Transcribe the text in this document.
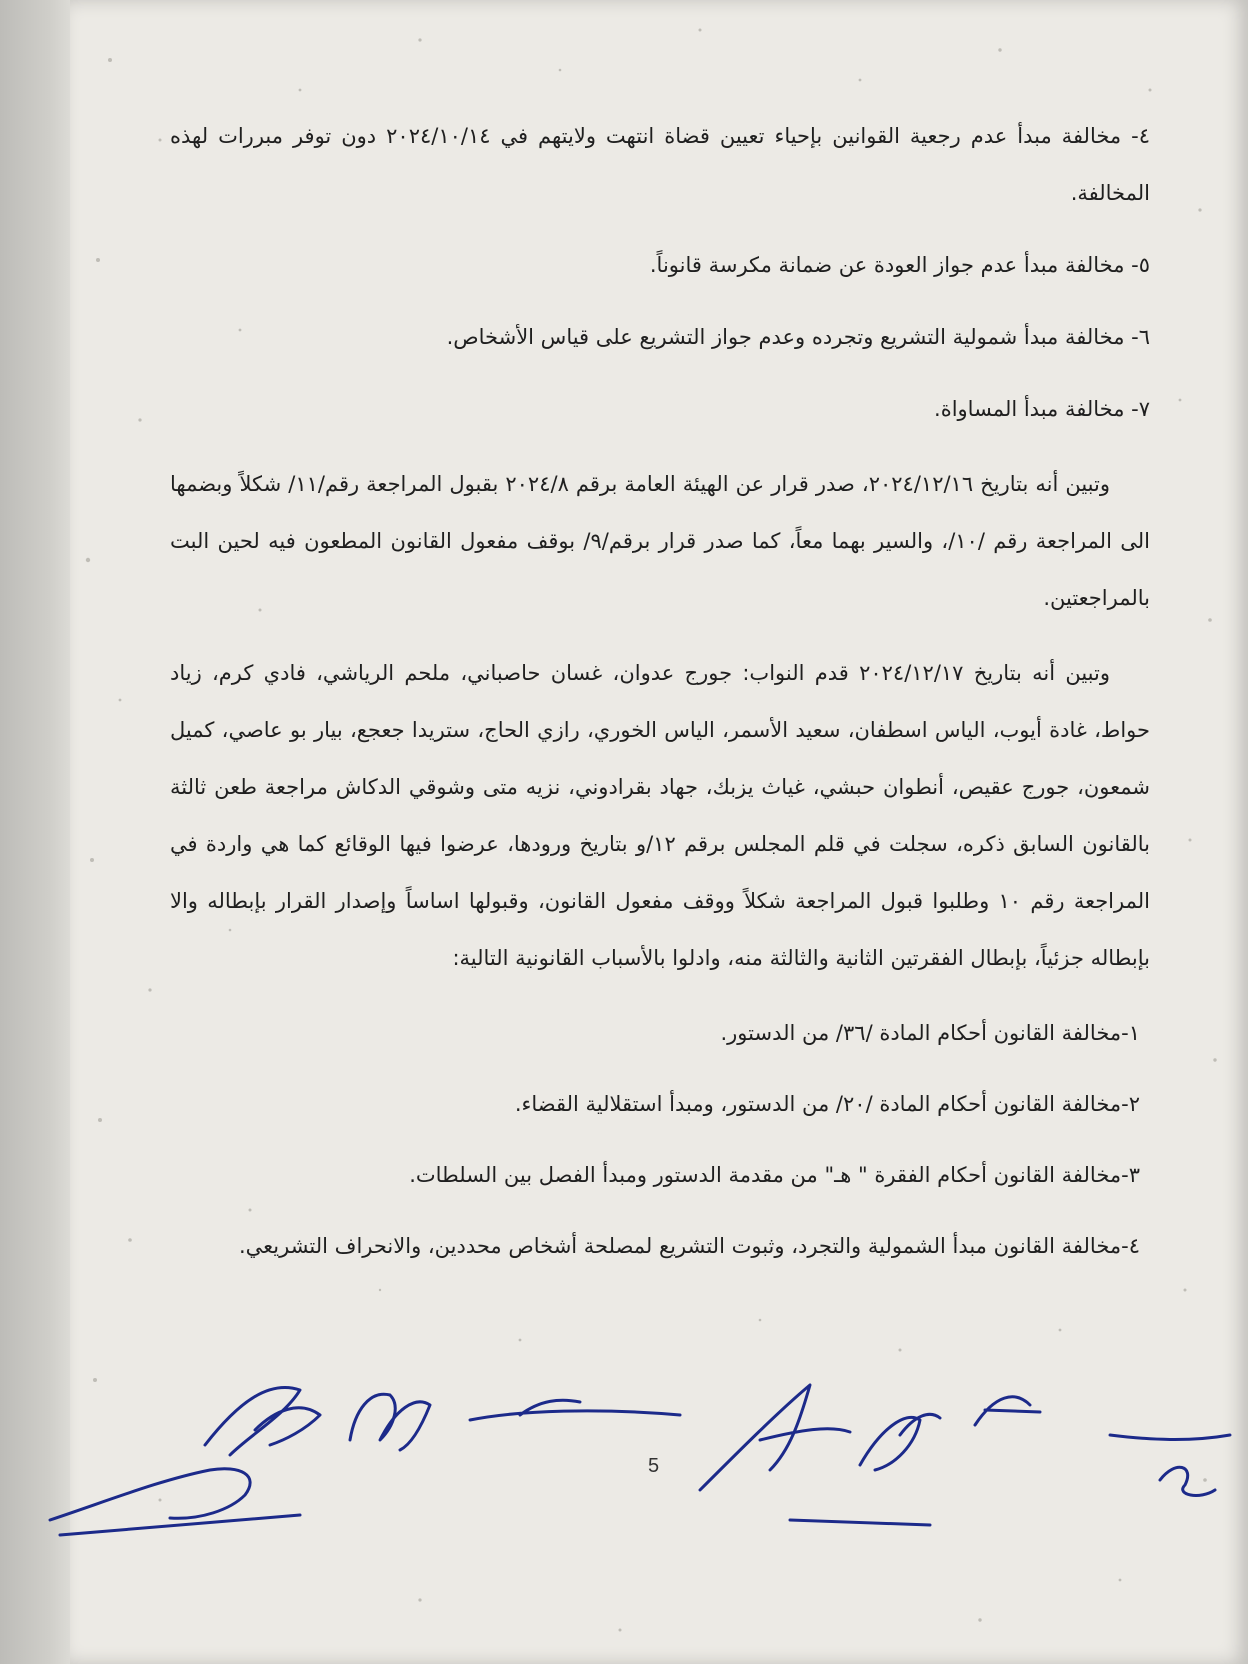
٤- مخالفة مبدأ عدم رجعية القوانين بإحياء تعيين قضاة انتهت ولايتهم في ٢٠٢٤/١٠/١٤ دون توفر مبررات لهذه المخالفة.
٥- مخالفة مبدأ عدم جواز العودة عن ضمانة مكرسة قانوناً.
٦- مخالفة مبدأ شمولية التشريع وتجرده وعدم جواز التشريع على قياس الأشخاص.
٧- مخالفة مبدأ المساواة.

وتبين أنه بتاريخ ٢٠٢٤/١٢/١٦، صدر قرار عن الهيئة العامة برقم ٢٠٢٤/٨ بقبول المراجعة رقم/١١/ شكلاً وبضمها الى المراجعة رقم /١٠/، والسير بهما معاً، كما صدر قرار برقم/٩/ بوقف مفعول القانون المطعون فيه لحين البت بالمراجعتين.

وتبين أنه بتاريخ ٢٠٢٤/١٢/١٧ قدم النواب: جورج عدوان، غسان حاصباني، ملحم الرياشي، فادي كرم، زياد حواط، غادة أيوب، الياس اسطفان، سعيد الأسمر، الياس الخوري، رازي الحاج، ستريدا جعجع، بيار بو عاصي، كميل شمعون، جورج عقيص، أنطوان حبشي، غياث يزبك، جهاد بقرادوني، نزيه متى وشوقي الدكاش مراجعة طعن ثالثة بالقانون السابق ذكره، سجلت في قلم المجلس برقم ١٢/و بتاريخ ورودها، عرضوا فيها الوقائع كما هي واردة في المراجعة رقم ١٠ وطلبوا قبول المراجعة شكلاً ووقف مفعول القانون، وقبولها اساساً وإصدار القرار بإبطاله والا بإبطاله جزئياً، بإبطال الفقرتين الثانية والثالثة منه، وادلوا بالأسباب القانونية التالية:

١-مخالفة القانون أحكام المادة /٣٦/ من الدستور.
٢-مخالفة القانون أحكام المادة /٢٠/ من الدستور، ومبدأ استقلالية القضاء.
٣-مخالفة القانون أحكام الفقرة " هـ" من مقدمة الدستور ومبدأ الفصل بين السلطات.
٤-مخالفة القانون مبدأ الشمولية والتجرد، وثبوت التشريع لمصلحة أشخاص محددين، والانحراف التشريعي.
5
